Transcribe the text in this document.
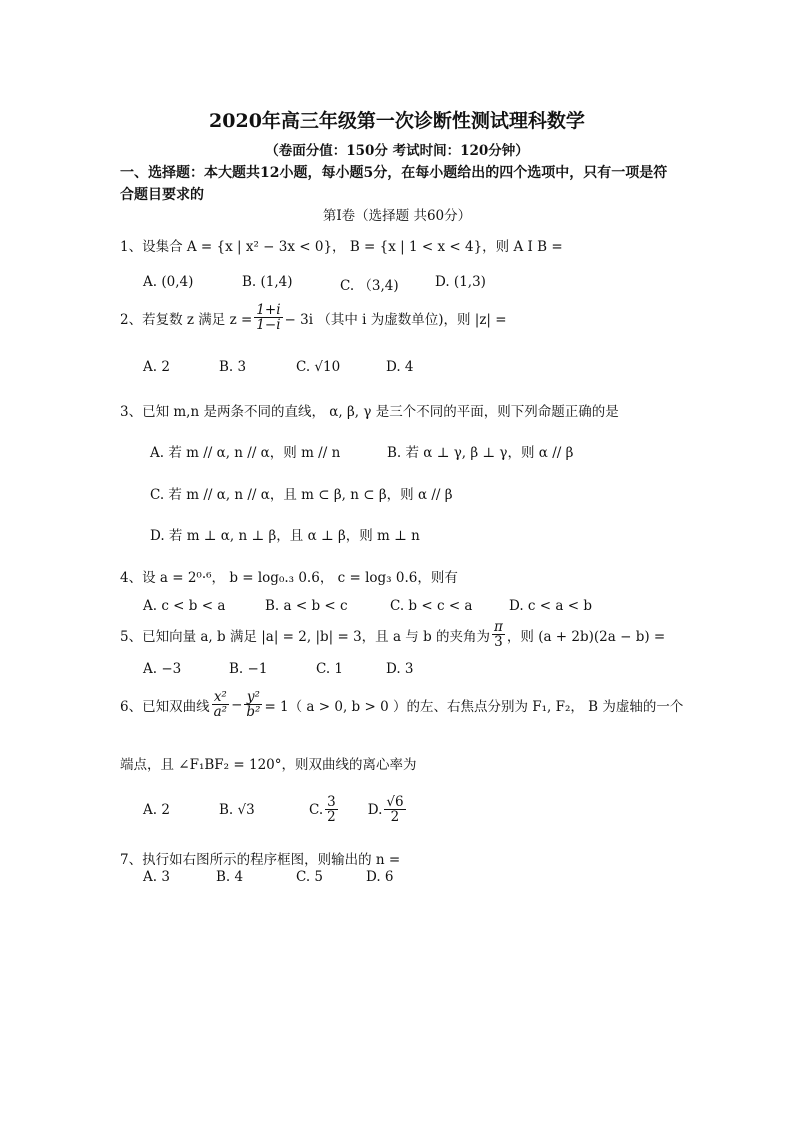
2020年高三年级第一次诊断性测试理科数学
（卷面分值：150分 考试时间：120分钟）
一、选择题：本大题共12小题，每小题5分，在每小题给出的四个选项中，只有一项是符
合题目要求的
第Ⅰ卷（选择题 共60分）
1、设集合 A = {x | x² − 3x < 0}， B = {x | 1 < x < 4}，则 A I B =
A. (0,4)	B. (1,4)	C. （3,4)	D. (1,3)
2、若复数 z 满足 $z = \frac{1+i}{1-i} - 3i$ （其中 i 为虚数单位)，则 |z| =
A. 2	B. 3	C. √10	D. 4
3、已知 m,n 是两条不同的直线， α, β, γ 是三个不同的平面，则下列命题正确的是
A. 若 m // α, n // α，则 m // n	B. 若 α ⊥ γ, β ⊥ γ，则 α // β
C. 若 m // α, n // α，且 m ⊂ β, n ⊂ β，则 α // β
D. 若 m ⊥ α, n ⊥ β，且 α ⊥ β，则 m ⊥ n
4、设 a = 2⁰·⁶， b = log₀.₃ 0.6， c = log₃ 0.6，则有
A. c < b < a	B. a < b < c	C. b < c < a	D. c < a < b
5、已知向量 a, b 满足 |a| = 2, |b| = 3，且 a 与 b 的夹角为 $\frac{\pi}{3}$ ，则 (a + 2b)(2a − b) =
A. −3	B. −1	C. 1	D. 3
6、已知双曲线 $\frac{\text{x²}}{\text{a²}} - \frac{\text{y²}}{\text{b²}} = 1$（ a > 0, b > 0 ）的左、右焦点分别为 F₁, F₂， B 为虚轴的一个
端点，且 ∠F₁BF₂ = 120°，则双曲线的离心率为
A. 2	B. √3	C. $\frac{3}{2} D$. $\frac{√6}{2}$
7、执行如右图所示的程序框图，则输出的 n =
A. 3	B. 4	C. 5	D. 6
